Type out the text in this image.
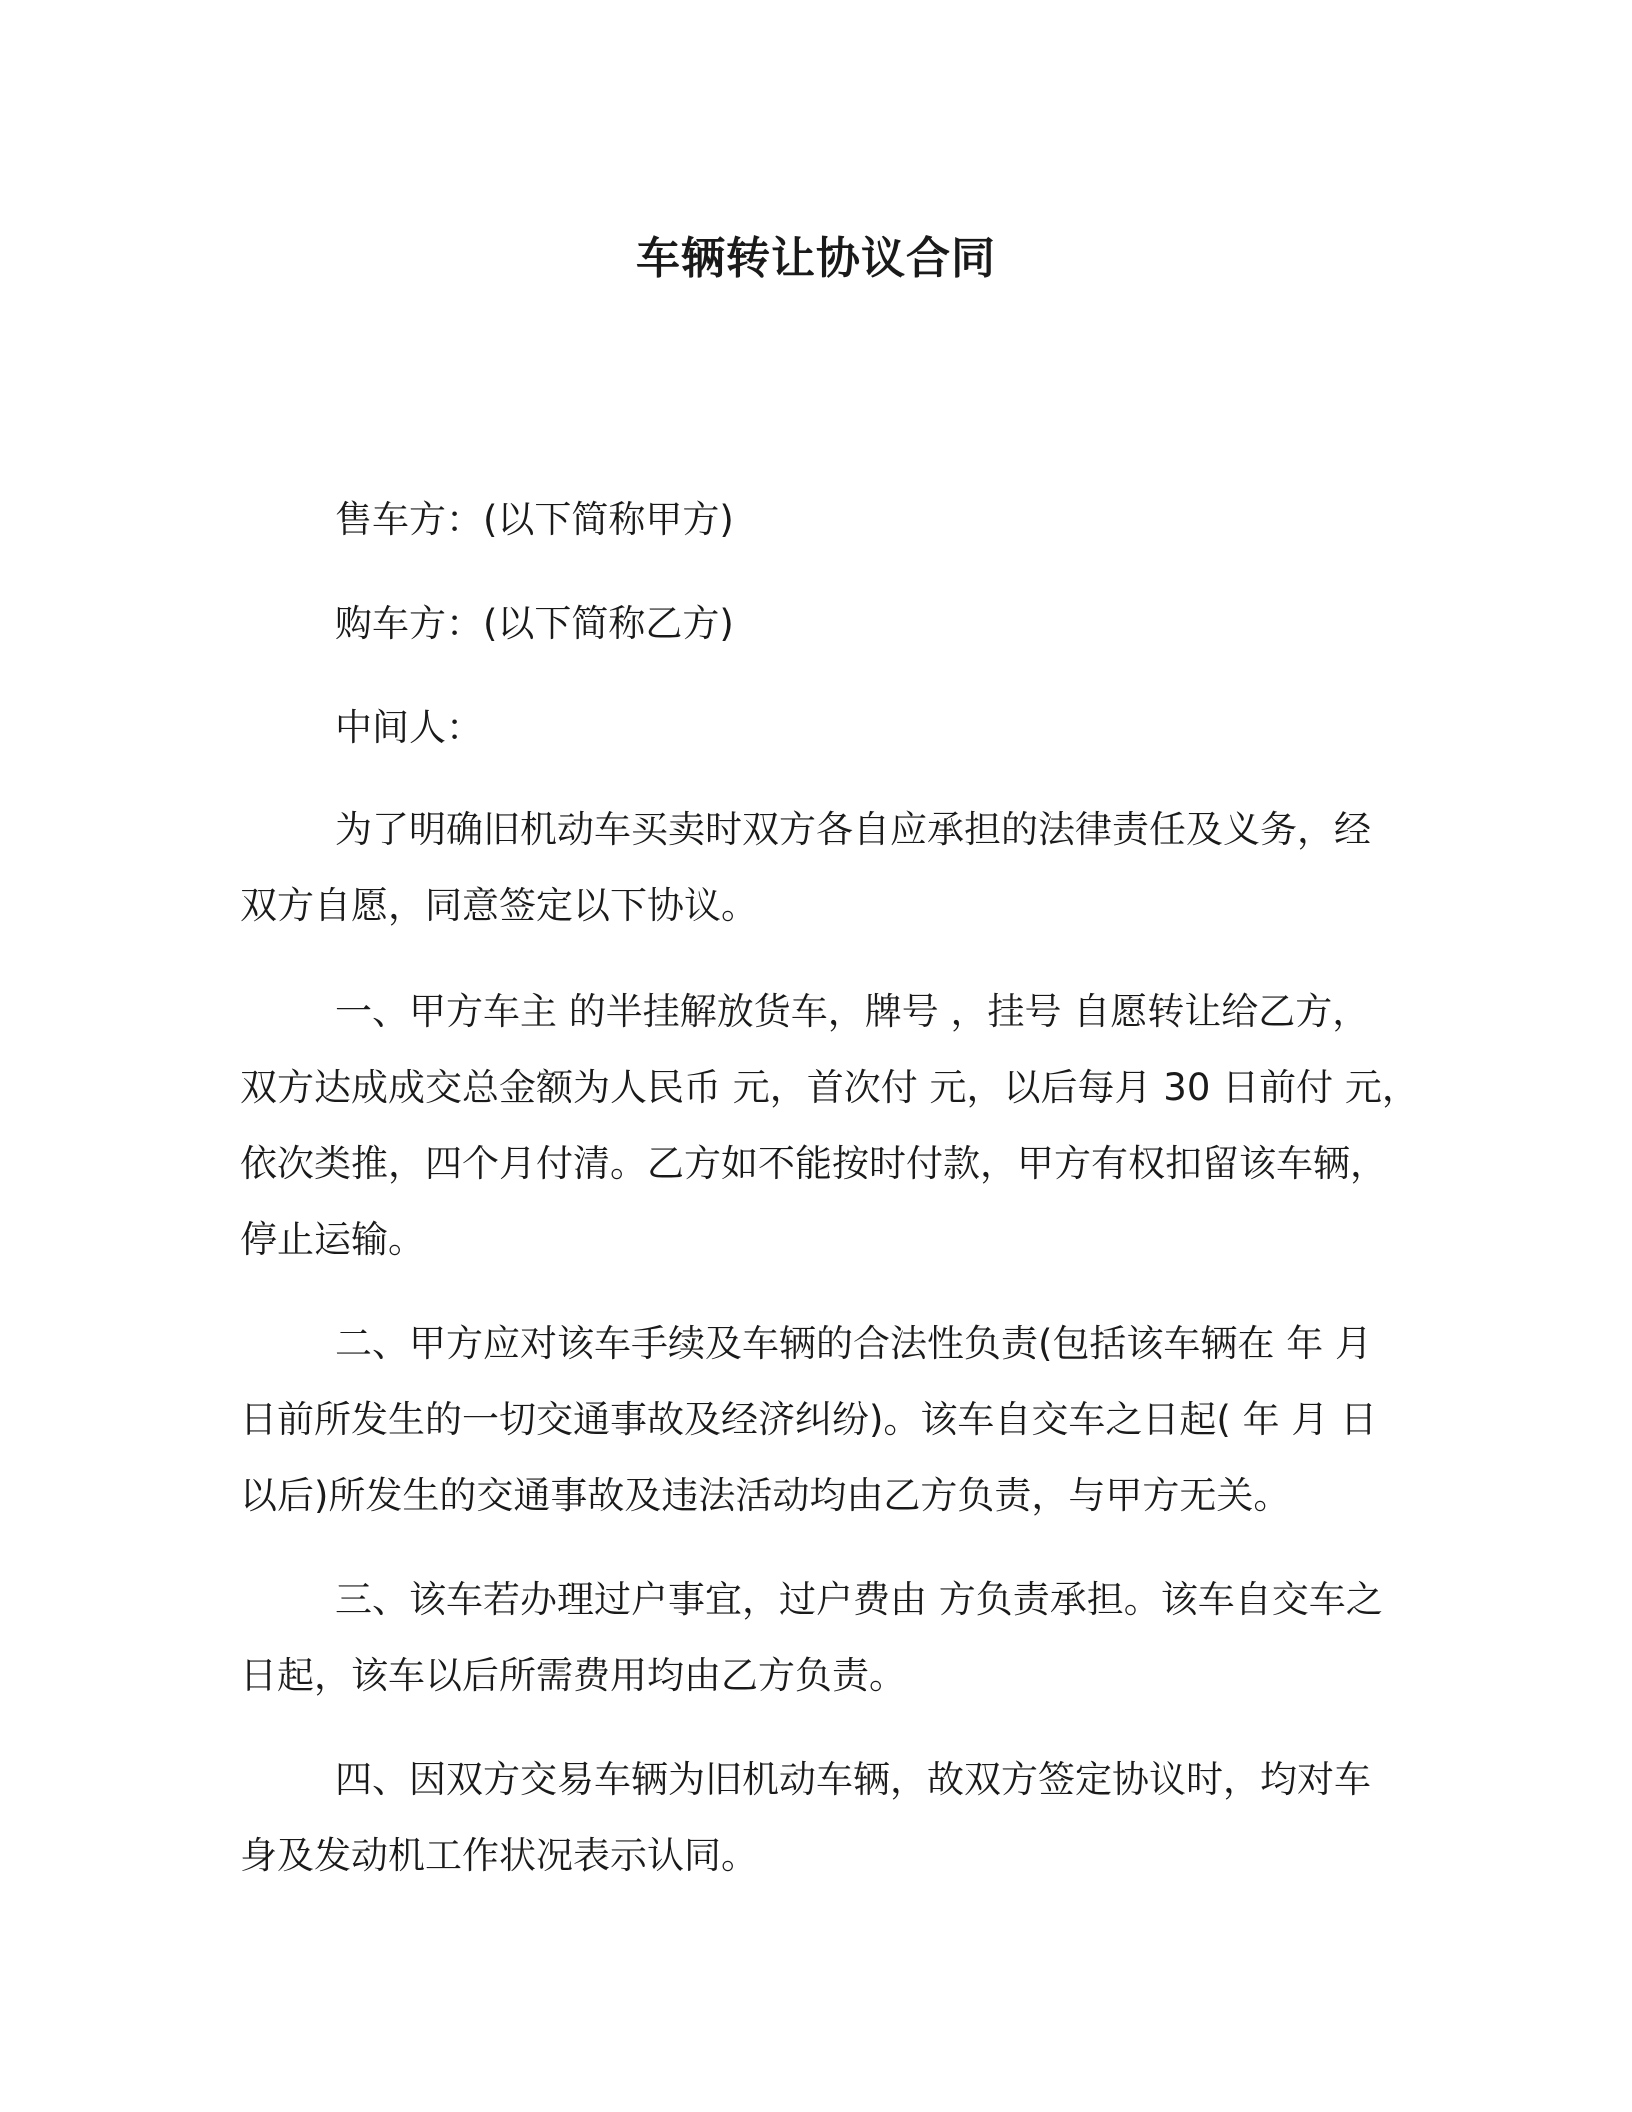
车辆转让协议合同
售车方：(以下简称甲方)
购车方：(以下简称乙方)
中间人：
为了明确旧机动车买卖时双方各自应承担的法律责任及义务，经
双方自愿，同意签定以下协议。
一、甲方车主 的半挂解放货车，牌号 ，挂号 自愿转让给乙方，
双方达成成交总金额为人民币 元，首次付 元，以后每月 30 日前付 元，
依次类推，四个月付清。乙方如不能按时付款，甲方有权扣留该车辆，
停止运输。
二、甲方应对该车手续及车辆的合法性负责(包括该车辆在 年 月
日前所发生的一切交通事故及经济纠纷)。该车自交车之日起( 年 月 日
以后)所发生的交通事故及违法活动均由乙方负责，与甲方无关。
三、该车若办理过户事宜，过户费由 方负责承担。该车自交车之
日起，该车以后所需费用均由乙方负责。
四、因双方交易车辆为旧机动车辆，故双方签定协议时，均对车
身及发动机工作状况表示认同。
